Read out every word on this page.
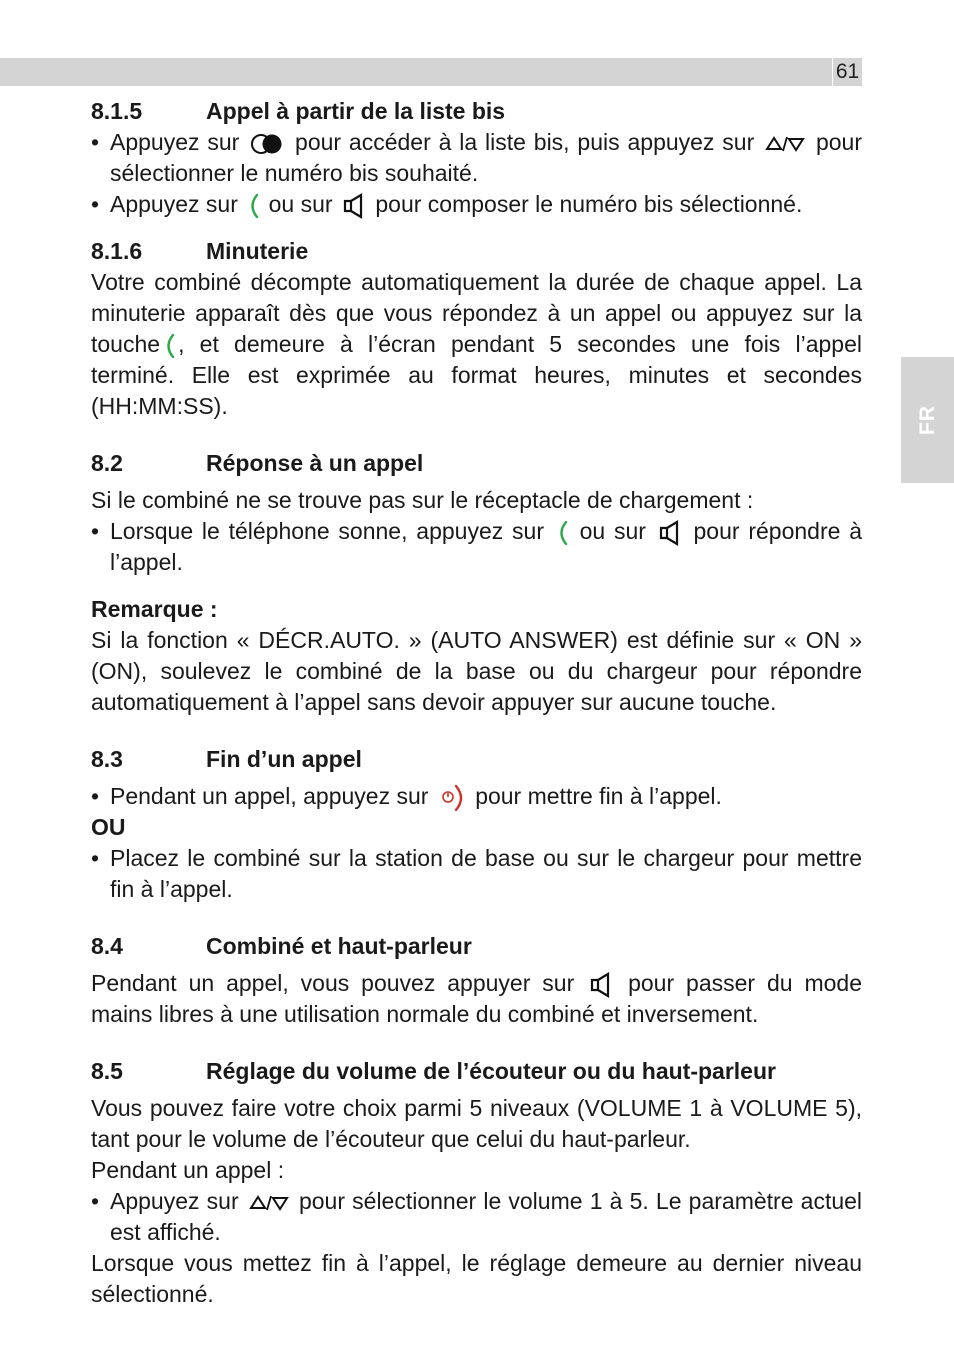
61
FR
8.1.5	Appel à partir de la liste bis
• Appuyez sur pour accéder à la liste bis, puis appuyez sur	pour sélectionner le numéro bis souhaité.
• Appuyez sur ou sur pour composer le numéro bis sélectionné.
8.1.6	Minuterie

Votre combiné décompte automatiquement la durée de chaque appel. La minuterie apparaît dès que vous répondez à un appel ou appuyez sur la touche , et demeure à l’écran pendant 5 secondes une fois l’appel terminé. Elle est exprimée au format heures, minutes et secondes (HH:MM:SS).

8.2	Réponse à un appel

Si le combiné ne se trouve pas sur le réceptacle de chargement :

• Lorsque le téléphone sonne, appuyez sur ou sur pour répondre à l’appel.

Remarque :

Si la fonction « DÉCR.AUTO. » (AUTO ANSWER) est définie sur « ON » (ON), soulevez le combiné de la base ou du chargeur pour répondre automatiquement à l’appel sans devoir appuyer sur aucune touche.

8.3	Fin d’un appel
• Pendant un appel, appuyez sur pour mettre fin à l’appel.

OU

• Placez le combiné sur la station de base ou sur le chargeur pour mettre fin à l’appel.
8.4	Combiné et haut-parleur

Pendant un appel, vous pouvez appuyer sur pour passer du mode mains libres à une utilisation normale du combiné et inversement.

8.5	Réglage du volume de l’écouteur ou du haut-parleur

Vous pouvez faire votre choix parmi 5 niveaux (VOLUME 1 à VOLUME 5), tant pour le volume de l’écouteur que celui du haut-parleur.

Pendant un appel :

• Appuyez sur	pour sélectionner le volume 1 à 5. Le paramètre actuel est affiché.

Lorsque vous mettez fin à l’appel, le réglage demeure au dernier niveau sélectionné.
